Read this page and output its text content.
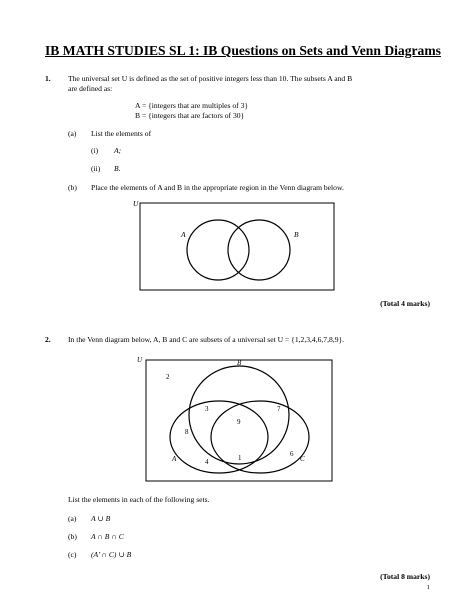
IB MATH STUDIES SL 1: IB Questions on Sets and Venn Diagrams
1. The universal set U is defined as the set of positive integers less than 10. The subsets A and B
are defined as:
A = {integers that are multiples of 3}
B = {integers that are factors of 30}
(a) List the elements of
(i) A;
(ii) B.
(b) Place the elements of A and B in the appropriate region in the Venn diagram below.
U
A	B
(Total 4 marks)
2. In the Venn diagram below, A, B and C are subsets of a universal set U = {1,2,3,4,6,7,8,9}.
U	B
A	C
2
3	7
9
8
6
4	1
List the elements in each of the following sets.
(a) A ∪ B
(b) A ∩ B ∩ C
(c) (A’ ∩ C) ∪ B
(Total 8 marks)
1
